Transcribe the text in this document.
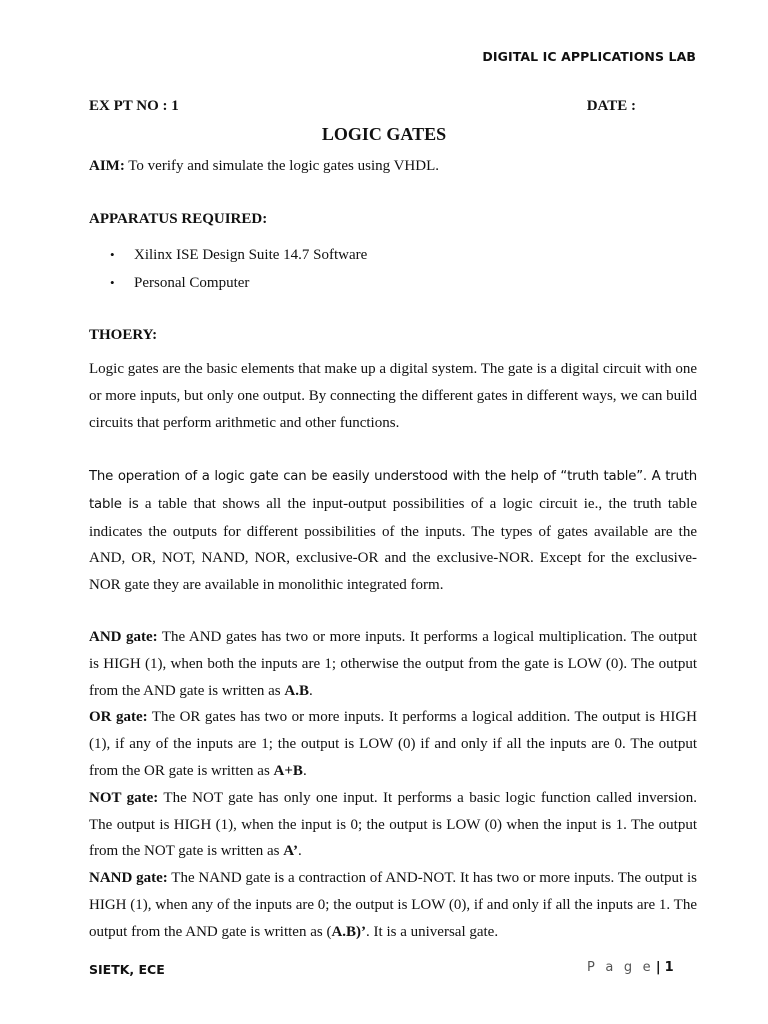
DIGITAL IC APPLICATIONS LAB
EX PT NO : 1	DATE :
LOGIC GATES
AIM: To verify and simulate the logic gates using VHDL.
APPARATUS REQUIRED:
• Xilinx ISE Design Suite 14.7 Software
• Personal Computer
THOERY:
Logic gates are the basic elements that make up a digital system. The gate is a digital circuit with one or more inputs, but only one output. By connecting the different gates in different ways, we can build circuits that perform arithmetic and other functions.
The operation of a logic gate can be easily understood with the help of “truth table”. A truth table is a table that shows all the input-output possibilities of a logic circuit ie., the truth table indicates the outputs for different possibilities of the inputs. The types of gates available are the AND, OR, NOT, NAND, NOR, exclusive-OR and the exclusive-NOR. Except for the exclusive-NOR gate they are available in monolithic integrated form.

AND gate: The AND gates has two or more inputs. It performs a logical multiplication. The output is HIGH (1), when both the inputs are 1; otherwise the output from the gate is LOW (0). The output from the AND gate is written as A.B.

OR gate: The OR gates has two or more inputs. It performs a logical addition. The output is HIGH (1), if any of the inputs are 1; the output is LOW (0) if and only if all the inputs are 0. The output from the OR gate is written as A+B.

NOT gate: The NOT gate has only one input. It performs a basic logic function called inversion. The output is HIGH (1), when the input is 0; the output is LOW (0) when the input is 1. The output from the NOT gate is written as A’.

NAND gate: The NAND gate is a contraction of AND-NOT. It has two or more inputs. The output is HIGH (1), when any of the inputs are 0; the output is LOW (0), if and only if all the inputs are 1. The output from the AND gate is written as (A.B)’. It is a universal gate.

SIETK, ECE	P a g e | 1
